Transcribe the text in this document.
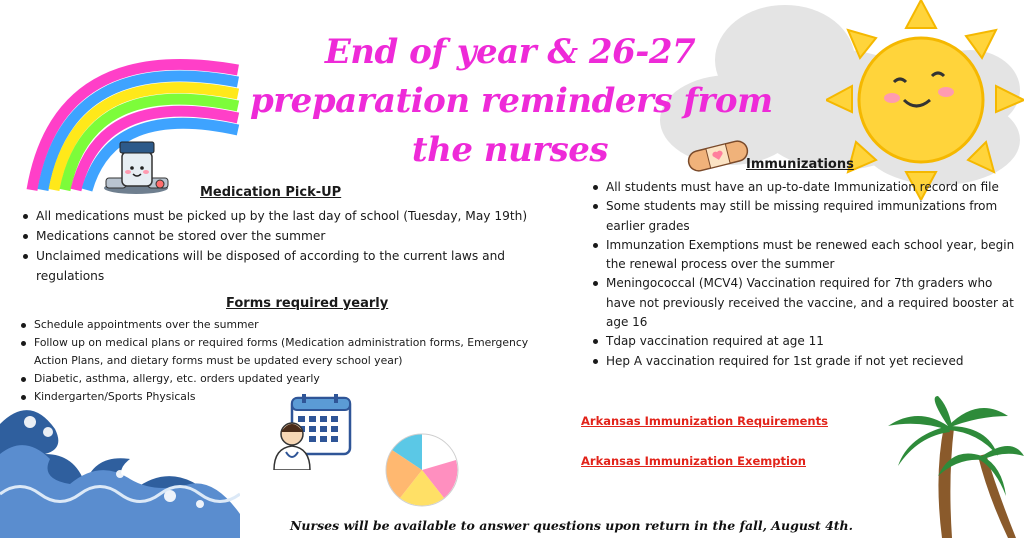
End of year & 26-27
preparation reminders from
the nurses
Medication Pick-UP
All medications must be picked up by the last day of school (Tuesday, May 19th)
Medications cannot be stored over the summer
Unclaimed medications will be disposed of according to the current laws and regulations
Forms required yearly
Schedule appointments over the summer
Follow up on medical plans or required forms (Medication administration forms, Emergency Action Plans, and dietary forms must be updated every school year)
Diabetic, asthma, allergy, etc. orders updated yearly
Kindergarten/Sports Physicals
Immunizations
All students must have an up-to-date Immunization record on file
Some students may still be missing required immunizations from earlier grades
Immunzation Exemptions must be renewed each school year, begin the renewal process over the summer
Meningococcal (MCV4) Vaccination required for 7th graders who have not previously received the vaccine, and a required booster at age 16
Tdap vaccination required at age 11
Hep A vaccination required for 1st grade if not yet recieved
Arkansas Immunization Requirements
Arkansas Immunization Exemption
Nurses will be available to answer questions upon return in the fall, August 4th.
